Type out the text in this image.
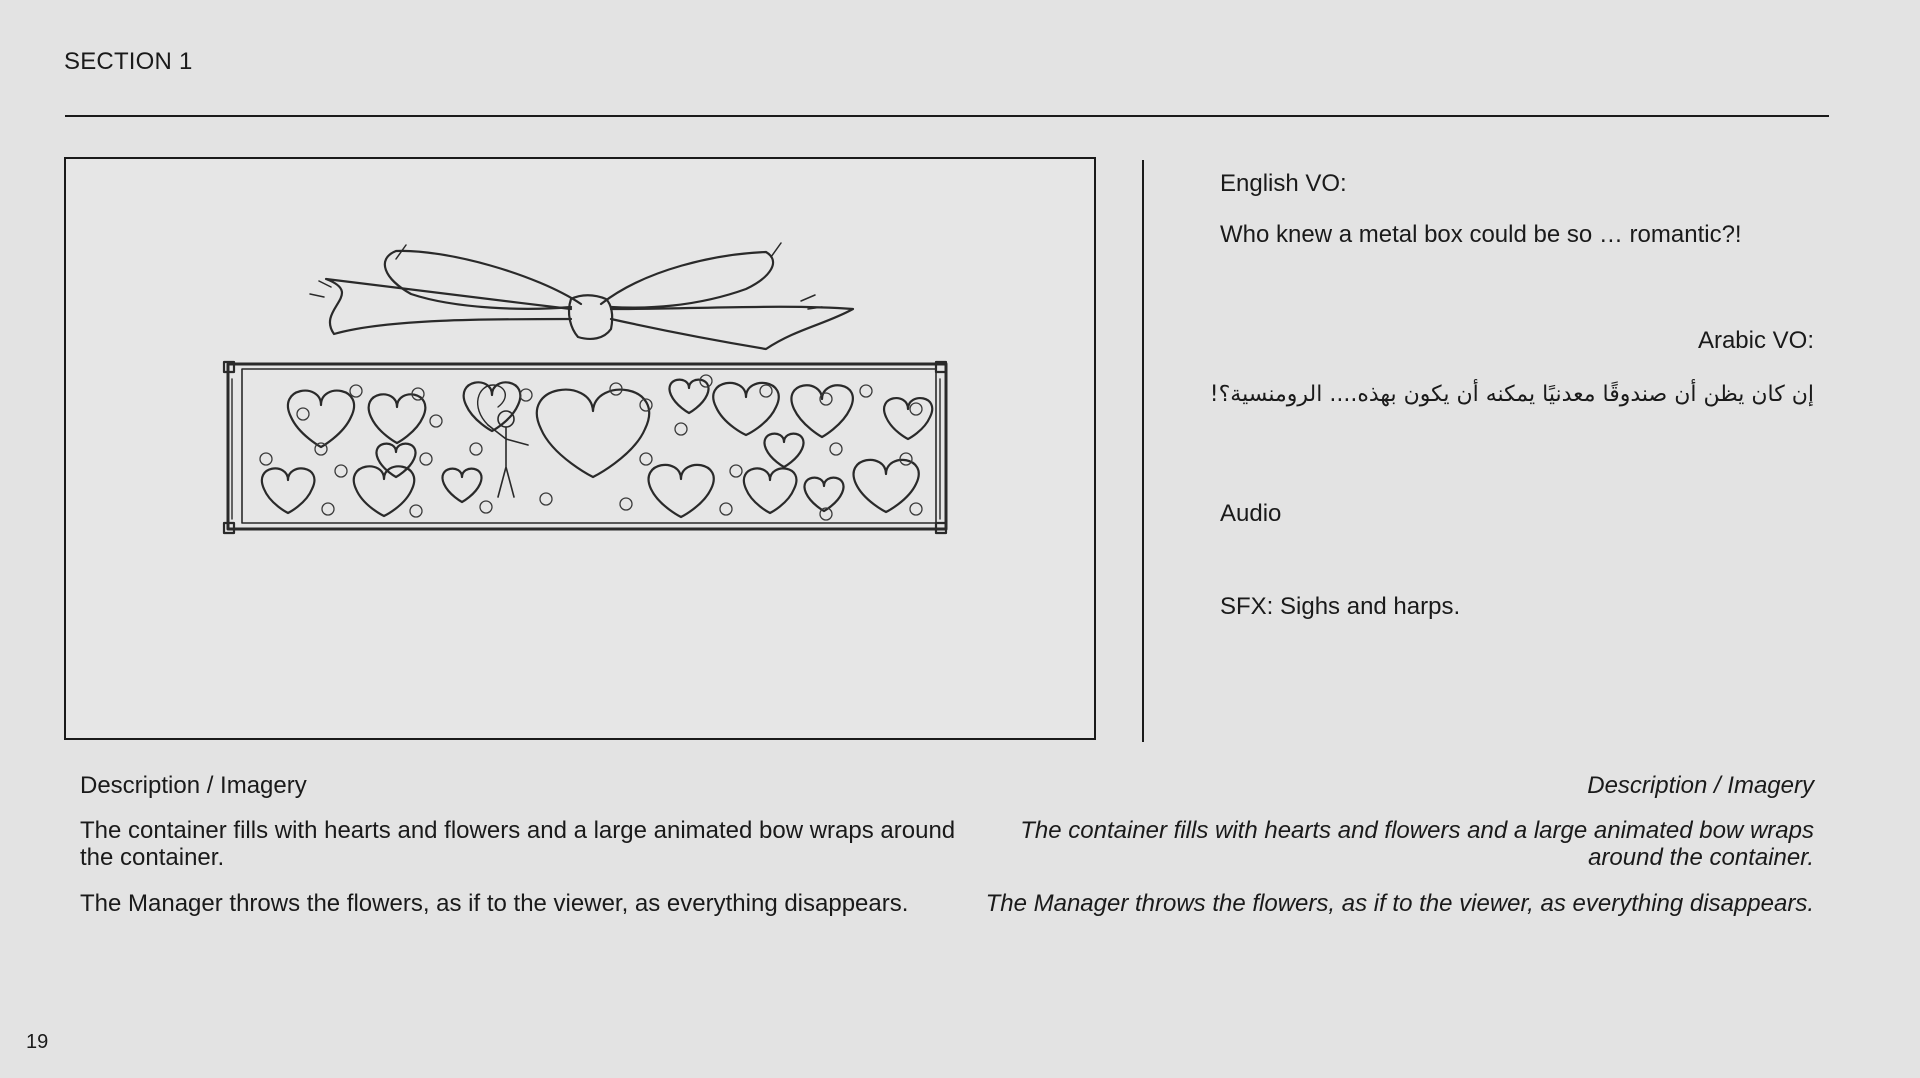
SECTION 1
English VO:
Who knew a metal box could be so … romantic?!
Arabic VO:
إن كان يظن أن صندوقًا معدنيًا يمكنه أن يكون بهذه.... الرومنسية؟!
Audio
SFX: Sighs and harps.
Description / Imagery
The container fills with hearts and flowers and a large animated bow wraps around the container.
The Manager throws the flowers, as if to the viewer, as everything disappears.
Description / Imagery
The container fills with hearts and flowers and a large animated bow wraps around the container.
The Manager throws the flowers, as if to the viewer, as everything disappears.
19
